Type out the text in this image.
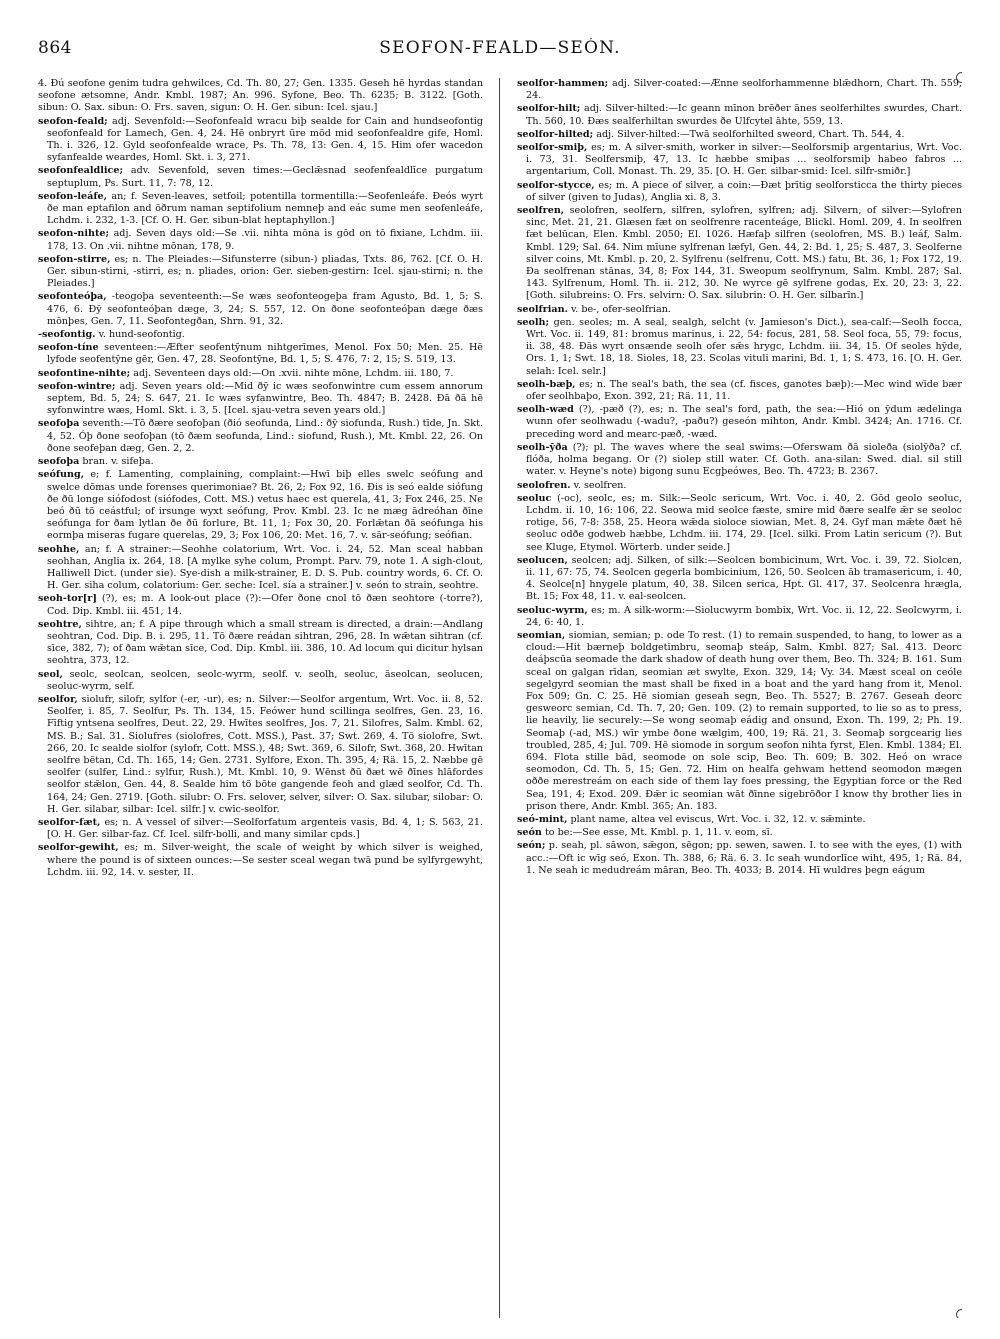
864	SEOFON-FEALD—SEÓN.

4. Ðú seofone genim tudra gehwilces, Cd. Th. 80, 27; Gen. 1335. Geseh hē hyrdas standan seofone ætsomne, Andr. Kmbl. 1987; An. 996. Syfone, Beo. Th. 6235; B. 3122. [Goth. sibun: O. Sax. sibun: O. Frs. saven, sigun: O. H. Ger. sibun: Icel. sjau.]

seofon-feald; adj. Sevenfold:—Seofonfeald wracu biþ sealde for Cain and hundseofontig seofonfeald for Lamech, Gen. 4, 24. Hē onbryrt ūre mōd mid seofonfealdre gife, Homl. Th. i. 326, 12. Gyld seofonfealde wrace, Ps. Th. 78, 13: Gen. 4, 15. Him ofer wacedon syfanfealde weardes, Homl. Skt. i. 3, 271.

seofonfealdlice; adv. Sevenfold, seven times:—Geclǣsnad seofenfealdlīce purgatum septuplum, Ps. Surt. 11, 7: 78, 12.

seofon-leáfe, an; f. Seven-leaves, setfoil; potentilla tormentilla:—Seofenleáfe. Ðeós wyrt ðe man eptafilon and ōðrum naman septifolium nemneþ and eác sume men seofenleáfe, Lchdm. i. 232, 1-3. [Cf. O. H. Ger. sibun-blat heptaphyllon.]

seofon-nihte; adj. Seven days old:—Se .vii. nihta mōna is gōd on tō fixiane, Lchdm. iii. 178, 13. On .vii. nihtne mōnan, 178, 9.

seofon-stirre, es; n. The Pleiades:—Sifunsterre (sibun-) pliadas, Txts. 86, 762. [Cf. O. H. Ger. sibun-stirni, -stirri, es; n. pliades, orion: Ger. sieben-gestirn: Icel. sjau-stirni; n. the Pleiades.]

seofonteóþa, -teogoþa seventeenth:—Se wæs seofonteogeþa fram Agusto, Bd. 1, 5; S. 476, 6. Ðȳ seofonteóþan dæge, 3, 24; S. 557, 12. On ðone seofonteóþan dæge ðæs mōnþes, Gen. 7, 11. Seofontegðan, Shrn. 91, 32.

-seofontig. v. hund-seofontig.

seofon-tíne seventeen:—Æfter seofentȳnum nihtgerīmes, Menol. Fox 50; Men. 25. Hē lyfode seofentȳne gēr, Gen. 47, 28. Seofontȳne, Bd. 1, 5; S. 476, 7: 2, 15; S. 519, 13.

seofontine-nihte; adj. Seventeen days old:—On .xvii. nihte mōne, Lchdm. iii. 180, 7.

seofon-wintre; adj. Seven years old:—Mid ðȳ ic wæs seofonwintre cum essem annorum septem, Bd. 5, 24; S. 647, 21. Ic wæs syfanwintre, Beo. Th. 4847; B. 2428. Ðā ðā hē syfonwintre wæs, Homl. Skt. i. 3, 5. [Icel. sjau-vetra seven years old.]

seofoþa seventh:—Tō ðære seofoþan (ðió seofunda, Lind.: ðȳ siofunda, Rush.) tīde, Jn. Skt. 4, 52. Óþ ðone seofoþan (tō ðæm seofunda, Lind.: siofund, Rush.), Mt. Kmbl. 22, 26. On ðone seofeþan dæg, Gen. 2, 2.

seofoþa bran. v. sifeþa.

seófung, e; f. Lamenting, complaining, complaint:—Hwī biþ elles swelc seófung and swelce dōmas unde forenses querimoniae? Bt. 26, 2; Fox 92, 16. Ðis is seó ealde siófung ðe ðū longe siófodost (siófodes, Cott. MS.) vetus haec est querela, 41, 3; Fox 246, 25. Ne beó ðū tō ceástful; of irsunge wyxt seófung, Prov. Kmbl. 23. Ic ne mæg ādreóhan ðīne seófunga for ðam lytlan ðe ðū forlure, Bt. 11, 1; Fox 30, 20. Forlǣtan ðā seófunga his eormþa miseras fugare querelas, 29, 3; Fox 106, 20: Met. 16, 7. v. sār-seófung; seófian.

seohhe, an; f. A strainer:—Seohhe colatorium, Wrt. Voc. i. 24, 52. Man sceal habban seohhan, Anglia ix. 264, 18. [A mylke syhe colum, Prompt. Parv. 79, note 1. A sigh-clout, Halliwell Dict. (under sie). Sye-dish a milk-strainer, E. D. S. Pub. country words, 6. Cf. O. H. Ger. siha colum, colatorium: Ger. seche: Icel. sía a strainer.] v. seón to strain, seohtre.

seoh-tor[r] (?), es; m. A look-out place (?):—Ofer ðone cnol tō ðæn seohtore (-torre?), Cod. Dip. Kmbl. iii. 451, 14.

seohtre, sihtre, an; f. A pipe through which a small stream is directed, a drain:—Andlang seohtran, Cod. Dip. B. i. 295, 11. Tō ðære reádan sihtran, 296, 28. In wǣtan sihtran (cf. sīce, 382, 7); of ðam wǣtan sīce, Cod. Dip. Kmbl. iii. 386, 10. Ad locum qui dicitur hylsan seohtra, 373, 12.

seol, seolc, seolcan, seolcen, seolc-wyrm, seolf. v. seolh, seoluc, āseolcan, seolucen, seoluc-wyrm, self.

seolfor, siolufr, silofr, sylfor (-er, -ur), es; n. Silver:—Seolfor argentum, Wrt. Voc. ii. 8, 52. Seolfer, i. 85, 7. Seolfur, Ps. Th. 134, 15. Feówer hund scillinga seolfres, Gen. 23, 16. Fīftig yntsena seolfres, Deut. 22, 29. Hwītes seolfres, Jos. 7, 21. Silofres, Salm. Kmbl. 62, MS. B.; Sal. 31. Siolufres (siolofres, Cott. MSS.), Past. 37; Swt. 269, 4. Tō siolofre, Swt. 266, 20. Ic sealde siolfor (sylofr, Cott. MSS.), 48; Swt. 369, 6. Silofr, Swt. 368, 20. Hwītan seolfre bētan, Cd. Th. 165, 14; Gen. 2731. Sylfore, Exon. Th. 395, 4; Rä. 15, 2. Næbbe gē seolfer (sulfer, Lind.: sylfur, Rush.), Mt. Kmbl. 10, 9. Wēnst ðū ðæt wē ðīnes hlāfordes seolfor stǣlon, Gen. 44, 8. Sealde him tō bōte gangende feoh and glæd seolfor, Cd. Th. 164, 24; Gen. 2719. [Goth. silubr: O. Frs. selover, selver, silver: O. Sax. silubar, silobar: O. H. Ger. silabar, silbar: Icel. silfr.] v. cwic-seolfor.

seolfor-fæt, es; n. A vessel of silver:—Seolforfatum argenteis vasis, Bd. 4, 1; S. 563, 21. [O. H. Ger. silbar-faz. Cf. Icel. silfr-bolli, and many similar cpds.]

seolfor-gewiht, es; m. Silver-weight, the scale of weight by which silver is weighed, where the pound is of sixteen ounces:—Se sester sceal wegan twā pund be sylfyrgewyht, Lchdm. iii. 92, 14. v. sester, II.

seolfor-hammen; adj. Silver-coated:—Ǣnne seolforhammenne blǣdhorn, Chart. Th. 559, 24.

seolfor-hilt; adj. Silver-hilted:—Ic geann mīnon brēðer ānes seolferhiltes swurdes, Chart. Th. 560, 10. Ðæs sealferhiltan swurdes ðe Ulfcytel āhte, 559, 13.

seolfor-hilted; adj. Silver-hilted:—Twā seolforhilted sweord, Chart. Th. 544, 4.

seolfor-smiþ, es; m. A silver-smith, worker in silver:—Seolforsmiþ argentarius, Wrt. Voc. i. 73, 31. Seolfersmiþ, 47, 13. Ic hæbbe smiþas ... seolforsmiþ habeo fabros ... argentarium, Coll. Monast. Th. 29, 35. [O. H. Ger. silbar-smid: Icel. silfr-smiðr.]

seolfor-stycce, es; m. A piece of silver, a coin:—Ðæt þrītig seolforsticca the thirty pieces of silver (given to Judas), Anglia xi. 8, 3.

seolfren, seolofren, seolfern, silfren, sylofren, sylfren; adj. Silvern, of silver:—Sylofren sinc, Met. 21, 21. Glæsen fæt on seolfrenre racenteáge, Blickl. Homl. 209, 4. In seolfren fæt belūcan, Elen. Kmbl. 2050; El. 1026. Hæfaþ silfren (seolofren, MS. B.) leáf, Salm. Kmbl. 129; Sal. 64. Nim mīune sylfrenan læfyl, Gen. 44, 2: Bd. 1, 25; S. 487, 3. Seolferne silver coins, Mt. Kmbl. p. 20, 2. Sylfrenu (selfrenu, Cott. MS.) fatu, Bt. 36, 1; Fox 172, 19. Ða seolfrenan stānas, 34, 8; Fox 144, 31. Sweopum seolfrynum, Salm. Kmbl. 287; Sal. 143. Sylfrenum, Homl. Th. ii. 212, 30. Ne wyrce gē sylfrene godas, Ex. 20, 23: 3, 22. [Goth. silubreins: O. Frs. selvirn: O. Sax. silubrin: O. H. Ger. silbarīn.]

seolfrian. v. be-, ofer-seolfrian.

seolh; gen. seoles; m. A seal, sealgh, selcht (v. Jamieson's Dict.), sea-calf:—Seolh focca, Wrt. Voc. ii. 149, 81: bromus marinus, i. 22, 54: focus, 281, 58. Seol foca, 55, 79: focus, ii. 38, 48. Ðās wyrt onsænde seolh ofer sǣs hrygc, Lchdm. iii. 34, 15. Of seoles hȳde, Ors. 1, 1; Swt. 18, 18. Sioles, 18, 23. Scolas vituli marini, Bd. 1, 1; S. 473, 16. [O. H. Ger. selah: Icel. selr.]

seolh-bæþ, es; n. The seal's bath, the sea (cf. fisces, ganotes bæþ):—Mec wind wīde bær ofer seolhbaþo, Exon. 392, 21; Rä. 11, 11.

seolh-wæd (?), -pæð (?), es; n. The seal's ford, path, the sea:—Hió on ȳdum ædelinga wunn ofer seolhwadu (-wadu?, -paðu?) geseón mihton, Andr. Kmbl. 3424; An. 1716. Cf. preceding word and mearc-pæð, -wæd.

seolh-ȳða (?); pl. The waves where the seal swims:—Oferswam ðā sioleða (siolȳða? cf. flóða, holma begang. Or (?) siolep still water. Cf. Goth. ana-silan: Swed. dial. sil still water. v. Heyne's note) bigong sunu Ecgþeówes, Beo. Th. 4723; B. 2367.

seolofren. v. seolfren.

seoluc (-oc), seolc, es; m. Silk:—Seolc sericum, Wrt. Voc. i. 40, 2. Gōd geolo seoluc, Lchdm. ii. 10, 16: 106, 22. Seowa mid seolce fæste, smire mid ðære sealfe ǣr se seoloc rotige, 56, 7-8: 358, 25. Heora wǣda sioloce siowian, Met. 8, 24. Gyf man mǣte ðæt hē seoluc odðe godweb hæbbe, Lchdm. iii. 174, 29. [Icel. silki. From Latin sericum (?). But see Kluge, Etymol. Wörterb. under seide.]

seolucen, seolcen; adj. Silken, of silk:—Seolcen bombicinum, Wrt. Voc. i. 39, 72. Siolcen, ii. 11, 67: 75, 74. Seolcen gegerla bombicinium, 126, 50. Seolcen āb tramasericum, i. 40, 4. Seolce[n] hnygele platum, 40, 38. Silcen serica, Hpt. Gl. 417, 37. Seolcenra hrægla, Bt. 15; Fox 48, 11. v. eal-seolcen.

seoluc-wyrm, es; m. A silk-worm:—Siolucwyrm bombix, Wrt. Voc. ii. 12, 22. Seolcwyrm, i. 24, 6: 40, 1.

seomian, siomian, semian; p. ode To rest. (1) to remain suspended, to hang, to lower as a cloud:—Hit bærneþ boldgetimbru, seomaþ steáp, Salm. Kmbl. 827; Sal. 413. Deorc deáþscūa seomade the dark shadow of death hung over them, Beo. Th. 324; B. 161. Sum sceal on galgan rīdan, seomian æt swylte, Exon. 329, 14; Vy. 34. Mæst sceal on ceóle segelgyrd seomian the mast shall be fixed in a boat and the yard hang from it, Menol. Fox 509; Gn. C. 25. Hē siomian geseah segn, Beo. Th. 5527; B. 2767. Geseah deorc gesweorc semian, Cd. Th. 7, 20; Gen. 109. (2) to remain supported, to lie so as to press, lie heavily, lie securely:—Se wong seomaþ eádig and onsund, Exon. Th. 199, 2; Ph. 19. Seomaþ (-ad, MS.) wīr ymbe ðone wælgim, 400, 19; Rä. 21, 3. Seomaþ sorgcearig lies troubled, 285, 4; Jul. 709. Hē siomode in sorgum seofon nihta fyrst, Elen. Kmbl. 1384; El. 694. Flota stille bād, seomode on sole scip, Beo. Th. 609; B. 302. Heó on wrace seomodon, Cd. Th. 5, 15; Gen. 72. Him on healfa gehwam hettend seomodon mægen oððe merestreám on each side of them lay foes pressing, the Egyptian force or the Red Sea, 191, 4; Exod. 209. Ðǣr ic seomian wāt ðīnne sigebrōðor I know thy brother lies in prison there, Andr. Kmbl. 365; An. 183.

seó-mint, plant name, altea vel eviscus, Wrt. Voc. i. 32, 12. v. sǣminte.

seón to be:—See esse, Mt. Kmbl. p. 1, 11. v. eom, sī.

seón; p. seah, pl. sāwon, sǣgon, sēgon; pp. sewen, sawen. I. to see with the eyes, (1) with acc.:—Oft ic wīg seó, Exon. Th. 388, 6; Rä. 6. 3. Ic seah wundorlīce wiht, 495, 1; Rä. 84, 1. Ne seah ic medudreám māran, Beo. Th. 4033; B. 2014. Hī wuldres þegn eágum
